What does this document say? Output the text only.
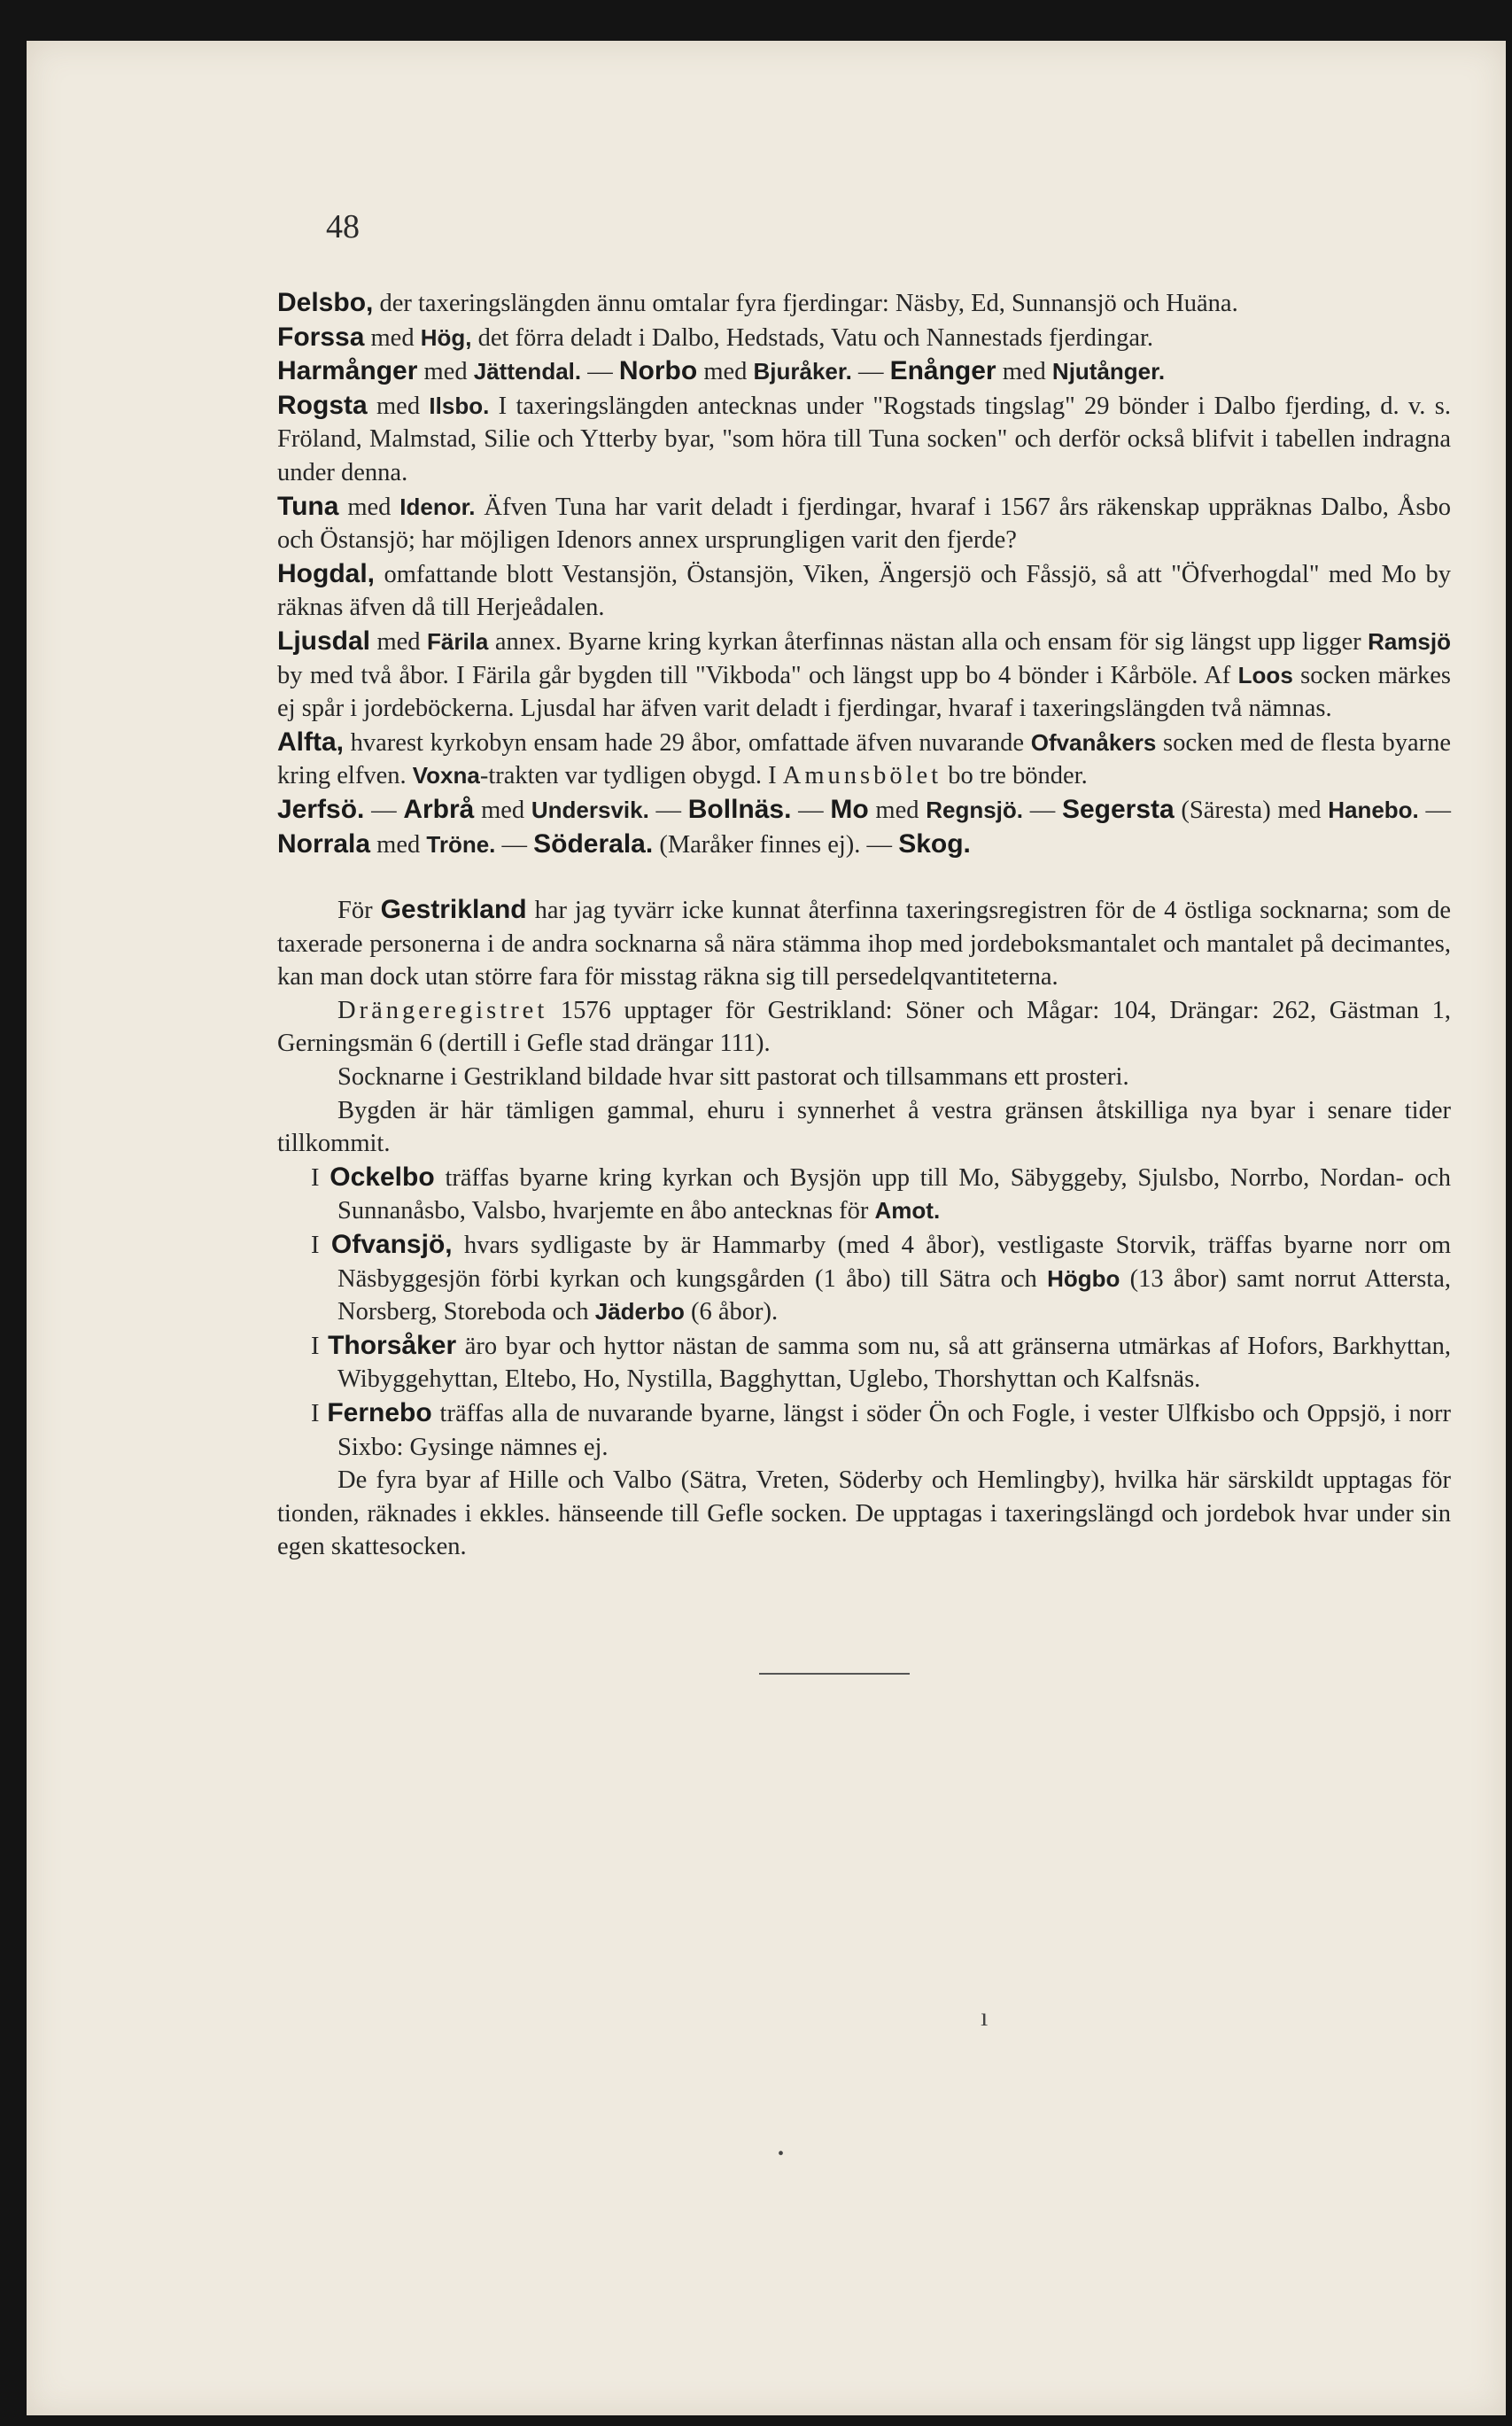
48

Delsbo, der taxeringslängden ännu omtalar fyra fjerdingar: Näsby, Ed, Sunnansjö och Huäna.

Forssa med Hög, det förra deladt i Dalbo, Hedstads, Vatu och Nannestads fjerdingar.

Harmånger med Jättendal. — Norbo med Bjuråker. — Enånger med Njutånger.

Rogsta med Ilsbo. I taxeringslängden antecknas under "Rogstads tingslag" 29 bönder i Dalbo fjerding, d. v. s. Fröland, Malmstad, Silie och Ytterby byar, "som höra till Tuna socken" och derför också blifvit i tabellen indragna under denna.

Tuna med Idenor. Äfven Tuna har varit deladt i fjerdingar, hvaraf i 1567 års räkenskap uppräknas Dalbo, Åsbo och Östansjö; har möjligen Idenors annex ursprungligen varit den fjerde?

Hogdal, omfattande blott Vestansjön, Östansjön, Viken, Ängersjö och Fåssjö, så att "Öfverhogdal" med Mo by räknas äfven då till Herjeådalen.

Ljusdal med Färila annex. Byarne kring kyrkan återfinnas nästan alla och ensam för sig längst upp ligger Ramsjö by med två åbor. I Färila går bygden till "Vikboda" och längst upp bo 4 bönder i Kårböle. Af Loos socken märkes ej spår i jordeböckerna. Ljusdal har äfven varit deladt i fjerdingar, hvaraf i taxeringslängden två nämnas.

Alfta, hvarest kyrkobyn ensam hade 29 åbor, omfattade äfven nuvarande Ofvanåkers socken med de flesta byarne kring elfven. Voxna-trakten var tydligen obygd. I Amunsbölet bo tre bönder.

Jerfsö. — Arbrå med Undersvik. — Bollnäs. — Mo med Regnsjö. — Segersta (Säresta) med Hanebo. — Norrala med Tröne. — Söderala. (Maråker finnes ej). — Skog.

För Gestrikland har jag tyvärr icke kunnat återfinna taxeringsregistren för de 4 östliga socknarna; som de taxerade personerna i de andra socknarna så nära stämma ihop med jordeboksmantalet och mantalet på decimantes, kan man dock utan större fara för misstag räkna sig till persedelqvantiteterna.

Drängeregistret 1576 upptager för Gestrikland: Söner och Mågar: 104, Drängar: 262, Gästman 1, Gerningsmän 6 (dertill i Gefle stad drängar 111).

Socknarne i Gestrikland bildade hvar sitt pastorat och tillsammans ett prosteri.

Bygden är här tämligen gammal, ehuru i synnerhet å vestra gränsen åtskilliga nya byar i senare tider tillkommit.

I Ockelbo träffas byarne kring kyrkan och Bysjön upp till Mo, Säbyggeby, Sjulsbo, Norrbo, Nordan- och Sunnanåsbo, Valsbo, hvarjemte en åbo antecknas för Amot.

I Ofvansjö, hvars sydligaste by är Hammarby (med 4 åbor), vestligaste Storvik, träffas byarne norr om Näsbyggesjön förbi kyrkan och kungsgården (1 åbo) till Sätra och Högbo (13 åbor) samt norrut Attersta, Norsberg, Storeboda och Jäderbo (6 åbor).

I Thorsåker äro byar och hyttor nästan de samma som nu, så att gränserna utmärkas af Hofors, Barkhyttan, Wibyggehyttan, Eltebo, Ho, Nystilla, Bagghyttan, Uglebo, Thorshyttan och Kalfsnäs.

I Fernebo träffas alla de nuvarande byarne, längst i söder Ön och Fogle, i vester Ulfkisbo och Oppsjö, i norr Sixbo: Gysinge nämnes ej.

De fyra byar af Hille och Valbo (Sätra, Vreten, Söderby och Hemlingby), hvilka här särskildt upptagas för tionden, räknades i ekkles. hänseende till Gefle socken. De upptagas i taxeringslängd och jordebok hvar under sin egen skattesocken.

ı
•
